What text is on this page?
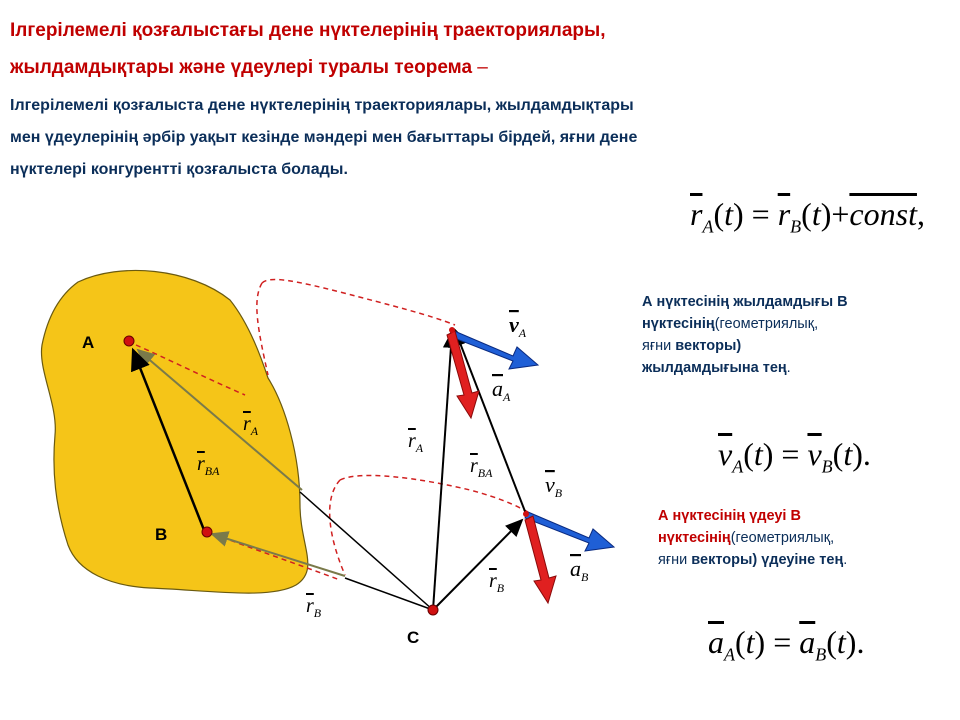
Ілгерілемелі қозғалыстағы дене нүктелерінің траекториялары,
жылдамдықтары және үдеулері туралы теорема –
Ілгерілемелі қозғалыста дене нүктелерінің траекториялары, жылдамдықтары
мен үдеулерінің әрбір уақыт кезінде мәндері мен бағыттары бірдей, яғни дене
нүктелері конгурентті қозғалыста болады.
$\overline{r}_A(t)$ = $\overline{r}_B(t)+const$,
А нүктесінің жылдамдығы В
нүктесінің(геометриялық,
яғни векторы)
жылдамдығына тең.
$\overline{v}_A(t) = \overline{v}_B(t)$.
А нүктесінің үдеуі В
нүктесінің(геометриялық,
яғни векторы) үдеуіне тең.
$\overline{a}_A(t) = \overline{a}_B(t)$.
A
B
C
$r_A$
$r_{BA}$
$r_B$
$r_A$
$r_{BA}$
$r_B$
$v_A$
$a_A$
$v_B$
$a_B$
